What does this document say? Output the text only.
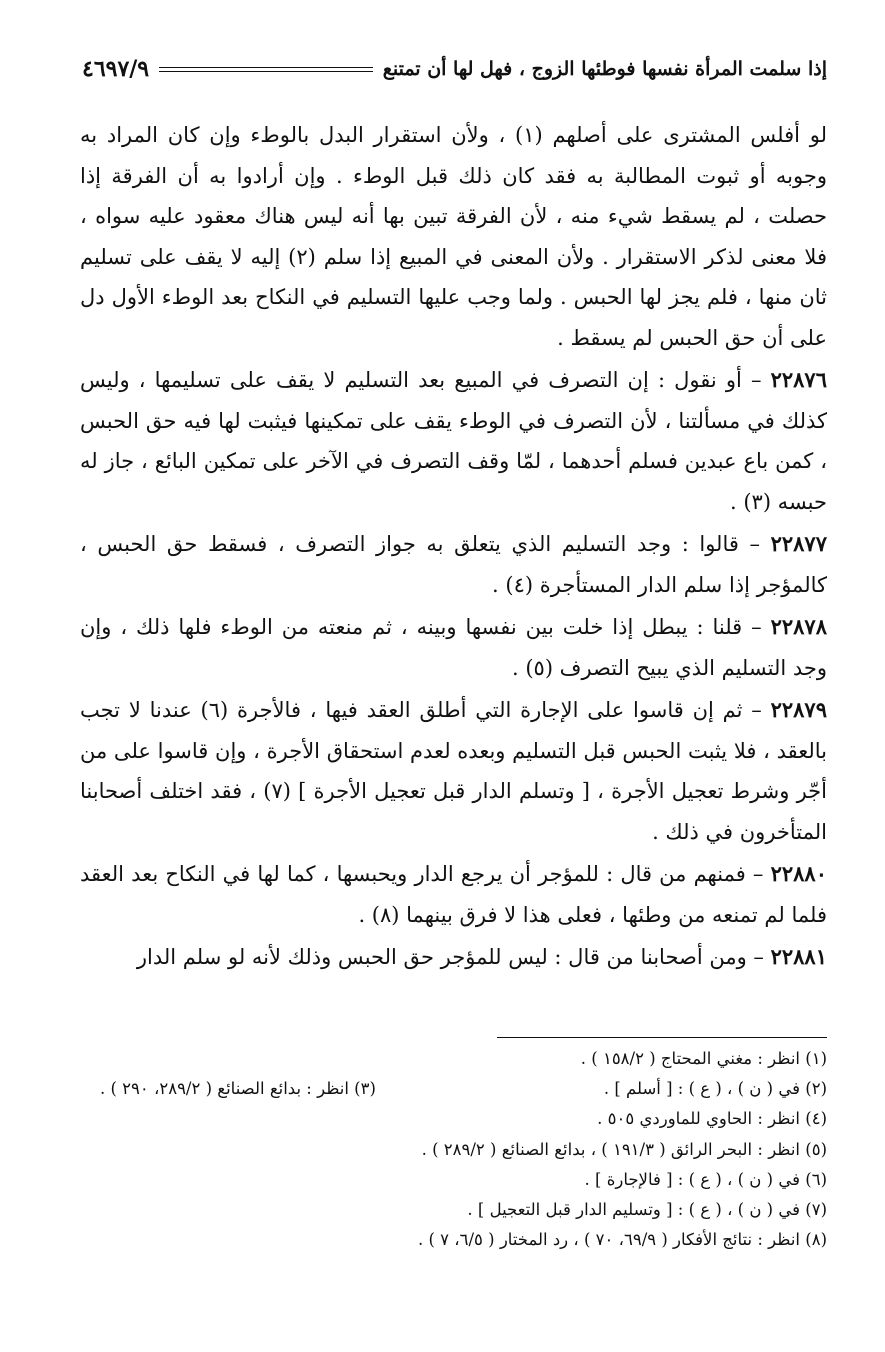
٤٦٩٧/٩	إذا سلمت المرأة نفسها فوطئها الزوج ، فهل لها أن تمتنع

لو أفلس المشترى على أصلهم (١) ، ولأن استقرار البدل بالوطء وإن كان المراد به وجوبه أو ثبوت المطالبة به فقد كان ذلك قبل الوطء . وإن أرادوا به أن الفرقة إذا حصلت ، لم يسقط شيء منه ، لأن الفرقة تبين بها أنه ليس هناك معقود عليه سواه ، فلا معنى لذكر الاستقرار . ولأن المعنى في المبيع إذا سلم (٢) إليه لا يقف على تسليم ثان منها ، فلم يجز لها الحبس . ولما وجب عليها التسليم في النكاح بعد الوطء الأول دل على أن حق الحبس لم يسقط .

٢٢٨٧٦ – أو نقول : إن التصرف في المبيع بعد التسليم لا يقف على تسليمها ، وليس كذلك في مسألتنا ، لأن التصرف في الوطء يقف على تمكينها فيثبت لها فيه حق الحبس ، كمن باع عبدين فسلم أحدهما ، لمّا وقف التصرف في الآخر على تمكين البائع ، جاز له حبسه (٣) .

٢٢٨٧٧ – قالوا : وجد التسليم الذي يتعلق به جواز التصرف ، فسقط حق الحبس ، كالمؤجر إذا سلم الدار المستأجرة (٤) .

٢٢٨٧٨ – قلنا : يبطل إذا خلت بين نفسها وبينه ، ثم منعته من الوطء فلها ذلك ، وإن وجد التسليم الذي يبيح التصرف (٥) .

٢٢٨٧٩ – ثم إن قاسوا على الإجارة التي أطلق العقد فيها ، فالأجرة (٦) عندنا لا تجب بالعقد ، فلا يثبت الحبس قبل التسليم وبعده لعدم استحقاق الأجرة ، وإن قاسوا على من أجّر وشرط تعجيل الأجرة ، [ وتسلم الدار قبل تعجيل الأجرة ] (٧) ، فقد اختلف أصحابنا المتأخرون في ذلك .

٢٢٨٨٠ – فمنهم من قال : للمؤجر أن يرجع الدار ويحبسها ، كما لها في النكاح بعد العقد فلما لم تمنعه من وطئها ، فعلى هذا لا فرق بينهما (٨) .

٢٢٨٨١ – ومن أصحابنا من قال : ليس للمؤجر حق الحبس وذلك لأنه لو سلم الدار

(١) انظر : مغني المحتاج ( ١٥٨/٢ ) .
(٢) في ( ن ) ، ( ع ) : [ أسلم ] .
(٣) انظر : بدائع الصنائع ( ٢٨٩/٢، ٢٩٠ ) .
(٤) انظر : الحاوي للماوردي ٥٠٥ .
(٥) انظر : البحر الرائق ( ١٩١/٣ ) ، بدائع الصنائع ( ٢٨٩/٢ ) .
(٦) في ( ن ) ، ( ع ) : [ فالإجارة ] .
(٧) في ( ن ) ، ( ع ) : [ وتسليم الدار قبل التعجيل ] .
(٨) انظر : نتائج الأفكار ( ٦٩/٩، ٧٠ ) ، رد المختار ( ٦/٥، ٧ ) .
